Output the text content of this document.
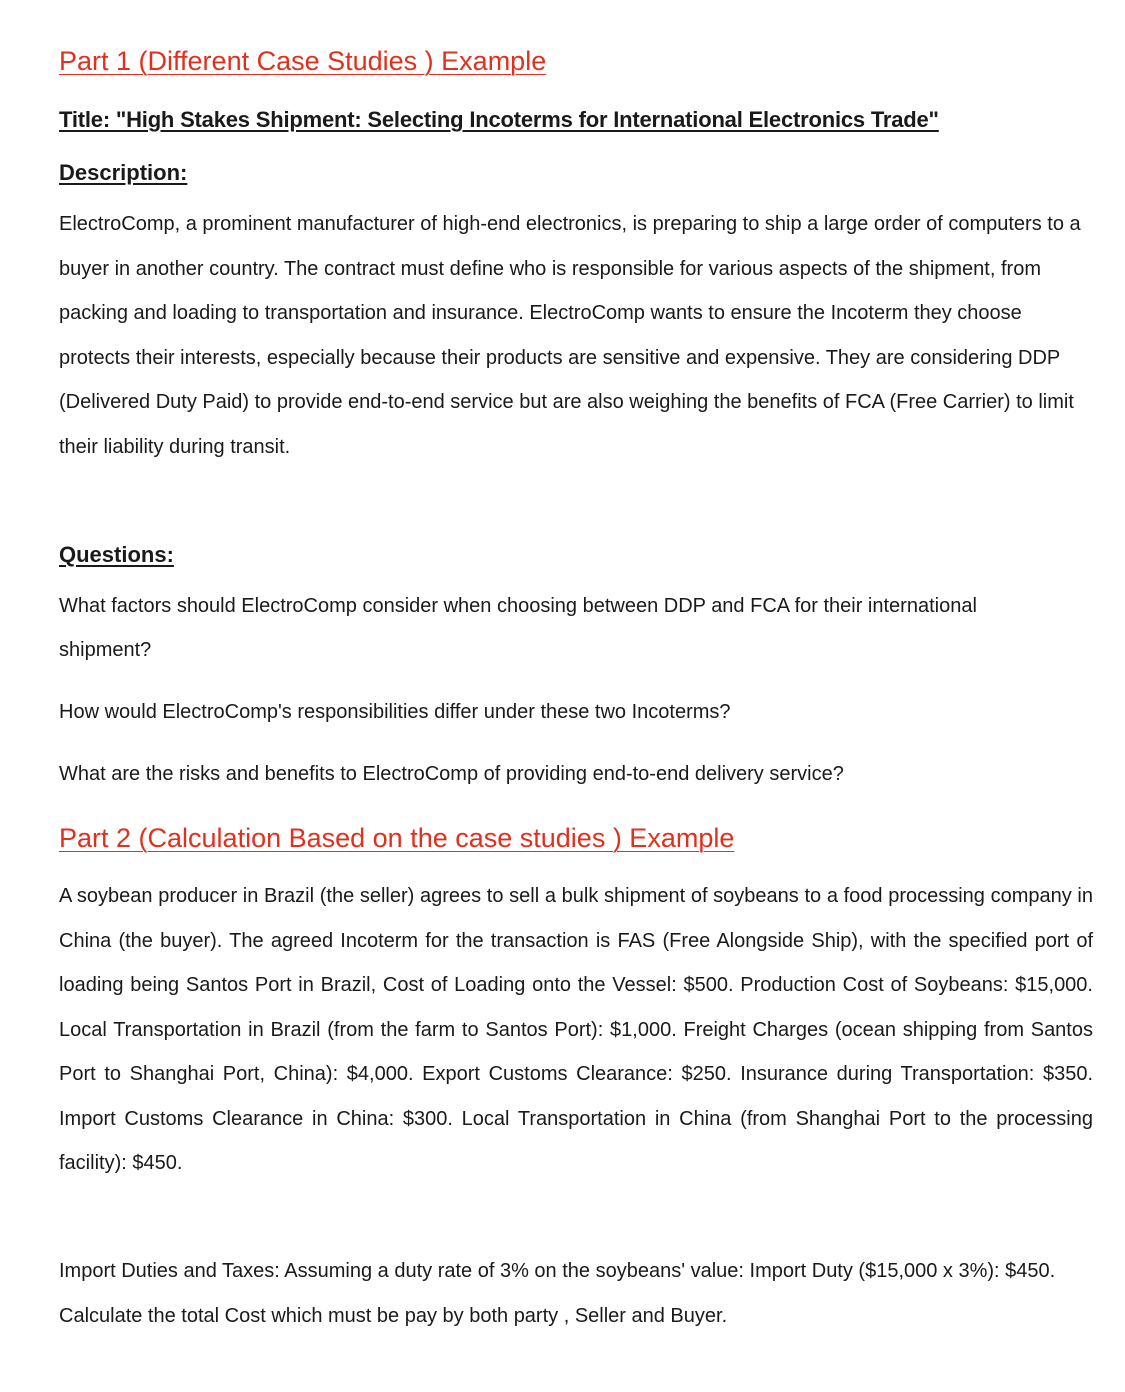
Part 1 (Different Case Studies ) Example

Title: "High Stakes Shipment: Selecting Incoterms for International Electronics Trade"

Description:

ElectroComp, a prominent manufacturer of high-end electronics, is preparing to ship a large order of computers to a buyer in another country. The contract must define who is responsible for various aspects of the shipment, from packing and loading to transportation and insurance. ElectroComp wants to ensure the Incoterm they choose protects their interests, especially because their products are sensitive and expensive. They are considering DDP (Delivered Duty Paid) to provide end-to-end service but are also weighing the benefits of FCA (Free Carrier) to limit their liability during transit.

Questions:

What factors should ElectroComp consider when choosing between DDP and FCA for their international shipment?

How would ElectroComp's responsibilities differ under these two Incoterms?

What are the risks and benefits to ElectroComp of providing end-to-end delivery service?

Part 2 (Calculation Based on the case studies ) Example

A soybean producer in Brazil (the seller) agrees to sell a bulk shipment of soybeans to a food processing company in China (the buyer). The agreed Incoterm for the transaction is FAS (Free Alongside Ship), with the specified port of loading being Santos Port in Brazil, Cost of Loading onto the Vessel: $500. Production Cost of Soybeans: $15,000. Local Transportation in Brazil (from the farm to Santos Port): $1,000. Freight Charges (ocean shipping from Santos Port to Shanghai Port, China): $4,000. Export Customs Clearance: $250. Insurance during Transportation: $350. Import Customs Clearance in China: $300. Local Transportation in China (from Shanghai Port to the processing facility): $450.

Import Duties and Taxes: Assuming a duty rate of 3% on the soybeans' value: Import Duty ($15,000 x 3%): $450. Calculate the total Cost which must be pay by both party , Seller and Buyer.
